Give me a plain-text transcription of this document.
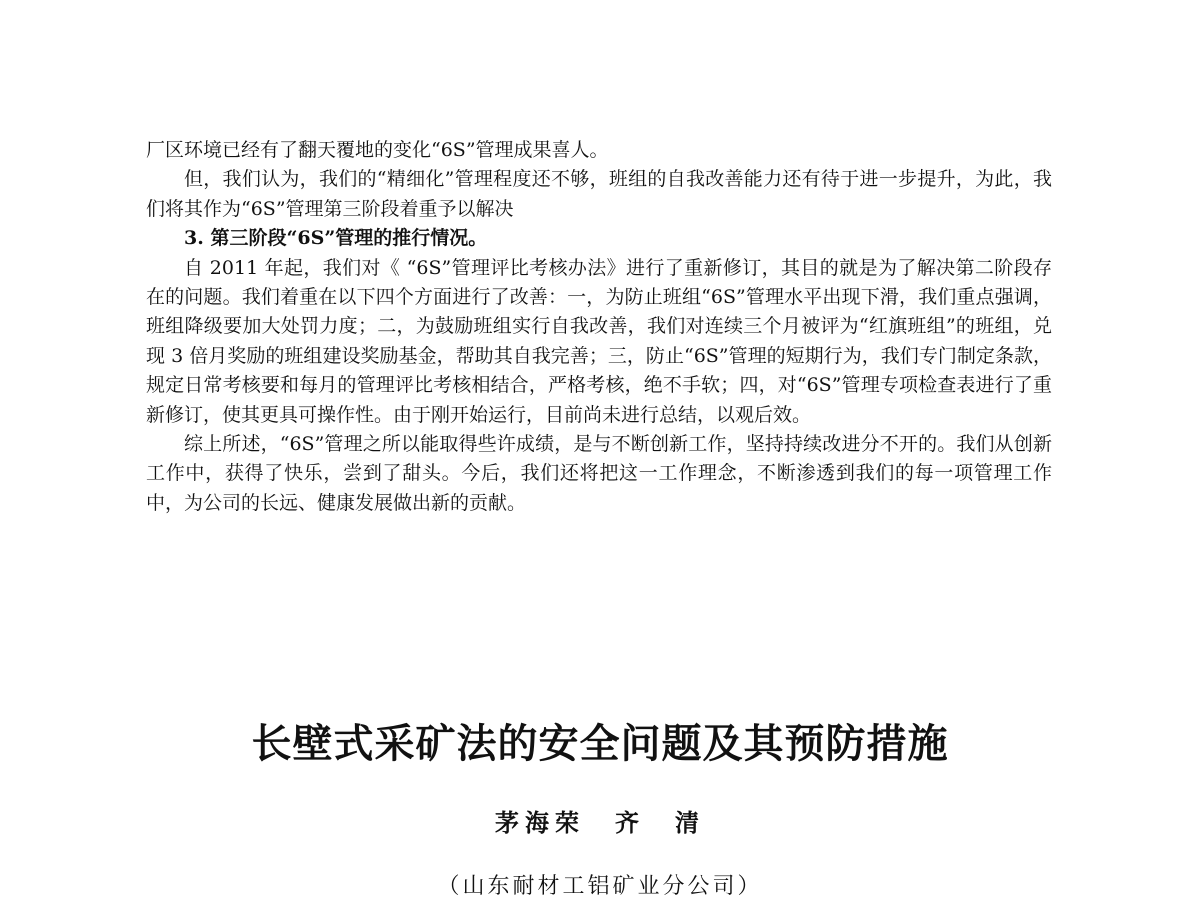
厂区环境已经有了翻天覆地的变化“6S”管理成果喜人。

但，我们认为，我们的“精细化”管理程度还不够，班组的自我改善能力还有待于进一步提升，为此，我们将其作为“6S”管理第三阶段着重予以解决

3. 第三阶段“6S”管理的推行情况。

自 2011 年起，我们对《 “6S”管理评比考核办法》进行了重新修订，其目的就是为了解决第二阶段存在的问题。我们着重在以下四个方面进行了改善：一，为防止班组“6S”管理水平出现下滑，我们重点强调，班组降级要加大处罚力度；二，为鼓励班组实行自我改善，我们对连续三个月被评为“红旗班组”的班组，兑现 3 倍月奖励的班组建设奖励基金，帮助其自我完善；三，防止“6S”管理的短期行为，我们专门制定条款，规定日常考核要和每月的管理评比考核相结合，严格考核，绝不手软；四，对“6S”管理专项检查表进行了重新修订，使其更具可操作性。由于刚开始运行，目前尚未进行总结，以观后效。

综上所述，“6S”管理之所以能取得些许成绩，是与不断创新工作，坚持持续改进分不开的。我们从创新工作中，获得了快乐，尝到了甜头。今后，我们还将把这一工作理念，不断渗透到我们的每一项管理工作中，为公司的长远、健康发展做出新的贡献。

长壁式采矿法的安全问题及其预防措施
茅海荣　齐　清
（山东耐材工铝矿业分公司）
